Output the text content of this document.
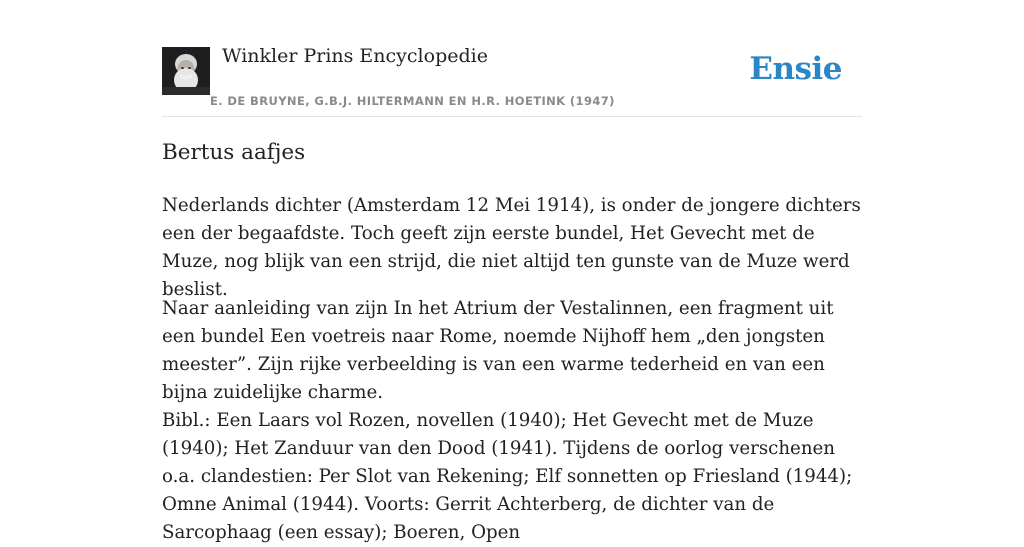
Winkler Prins Encyclopedie
E. DE BRUYNE, G.B.J. HILTERMANN EN H.R. HOETINK (1947)
Ensie
Bertus aafjes

Nederlands dichter (Amsterdam 12 Mei 1914), is onder de jongere dichters een der begaafdste. Toch geeft zijn eerste bundel, Het Gevecht met de Muze, nog blijk van een strijd, die niet altijd ten gunste van de Muze werd beslist.

Naar aanleiding van zijn In het Atrium der Vestalinnen, een fragment uit een bundel Een voetreis naar Rome, noemde Nijhoff hem „den jongsten meester”. Zijn rijke verbeelding is van een warme tederheid en van een bijna zuidelijke charme.

Bibl.: Een Laars vol Rozen, novellen (1940); Het Gevecht met de Muze (1940); Het Zanduur van den Dood (1941). Tijdens de oorlog verschenen o.a. clandestien: Per Slot van Rekening; Elf sonnetten op Friesland (1944); Omne Animal (1944). Voorts: Gerrit Achterberg, de dichter van de Sarcophaag (een essay); Boeren, Open
